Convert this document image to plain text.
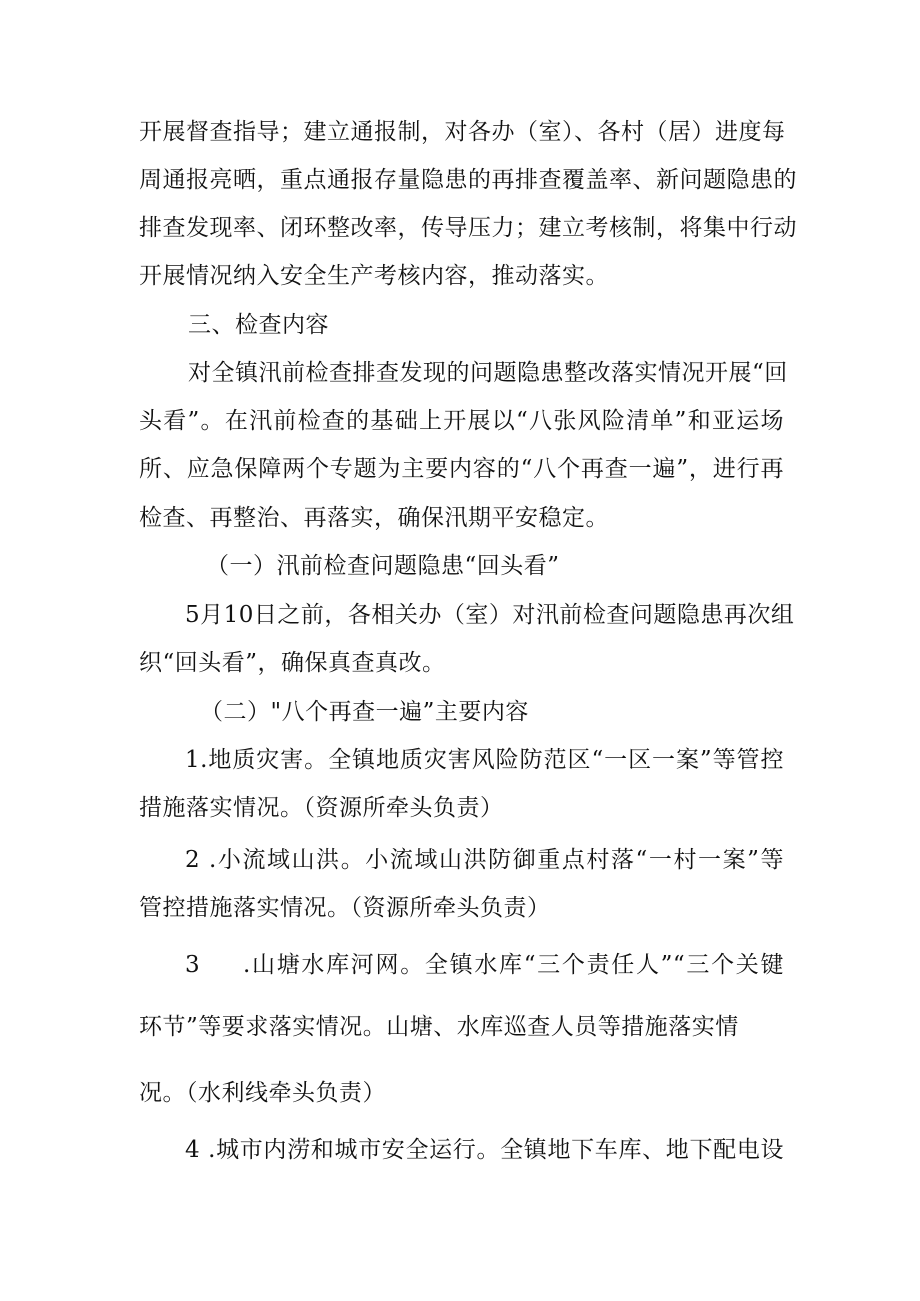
开展督查指导；建立通报制，对各办（室）、各村（居）进度每
周通报亮晒，重点通报存量隐患的再排查覆盖率、新问题隐患的
排查发现率、闭环整改率，传导压力；建立考核制，将集中行动
开展情况纳入安全生产考核内容，推动落实。
三、检查内容
对全镇汛前检查排查发现的问题隐患整改落实情况开展“回
头看”。在汛前检查的基础上开展以“八张风险清单”和亚运场
所、应急保障两个专题为主要内容的“八个再查一遍”，进行再
检查、再整治、再落实，确保汛期平安稳定。
（一）汛前检查问题隐患“回头看”
5月10日之前，各相关办（室）对汛前检查问题隐患再次组
织“回头看”，确保真查真改。
（二）"八个再查一遍”主要内容
1.地质灾害。全镇地质灾害风险防范区“一区一案”等管控
措施落实情况。（资源所牵头负责）
2 .小流域山洪。小流域山洪防御重点村落“一村一案”等
管控措施落实情况。（资源所牵头负责）
3 .山塘水库河网。全镇水库“三个责任人”“三个关键
环节”等要求落实情况。山塘、水库巡查人员等措施落实情
况。（水利线牵头负责）
4 .城市内涝和城市安全运行。全镇地下车库、地下配电设
